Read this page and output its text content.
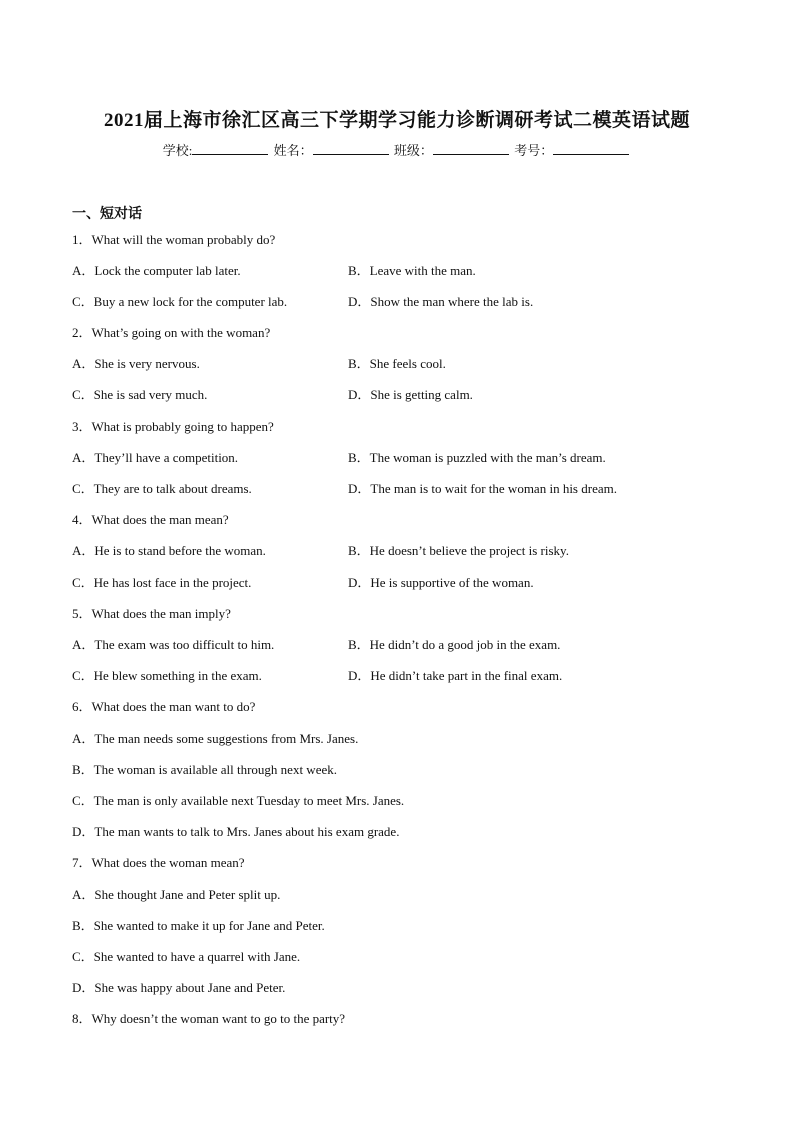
2021届上海市徐汇区高三下学期学习能力诊断调研考试二模英语试题
学校:	姓名：	班级：	考号：
一、短对话
1．What will the woman probably do?
A．Lock the computer lab later.	B．Leave with the man.
C．Buy a new lock for the computer lab.	D．Show the man where the lab is.
2．What’s going on with the woman?
A．She is very nervous.	B．She feels cool.
C．She is sad very much.	D．She is getting calm.
3．What is probably going to happen?
A．They’ll have a competition.	B．The woman is puzzled with the man’s dream.
C．They are to talk about dreams.	D．The man is to wait for the woman in his dream.
4．What does the man mean?
A．He is to stand before the woman.	B．He doesn’t believe the project is risky.
C．He has lost face in the project.	D．He is supportive of the woman.
5．What does the man imply?
A．The exam was too difficult to him.	B．He didn’t do a good job in the exam.
C．He blew something in the exam.	D．He didn’t take part in the final exam.
6．What does the man want to do?
A．The man needs some suggestions from Mrs. Janes.
B．The woman is available all through next week.
C．The man is only available next Tuesday to meet Mrs. Janes.
D．The man wants to talk to Mrs. Janes about his exam grade.
7．What does the woman mean?
A．She thought Jane and Peter split up.
B．She wanted to make it up for Jane and Peter.
C．She wanted to have a quarrel with Jane.
D．She was happy about Jane and Peter.
8．Why doesn’t the woman want to go to the party?
